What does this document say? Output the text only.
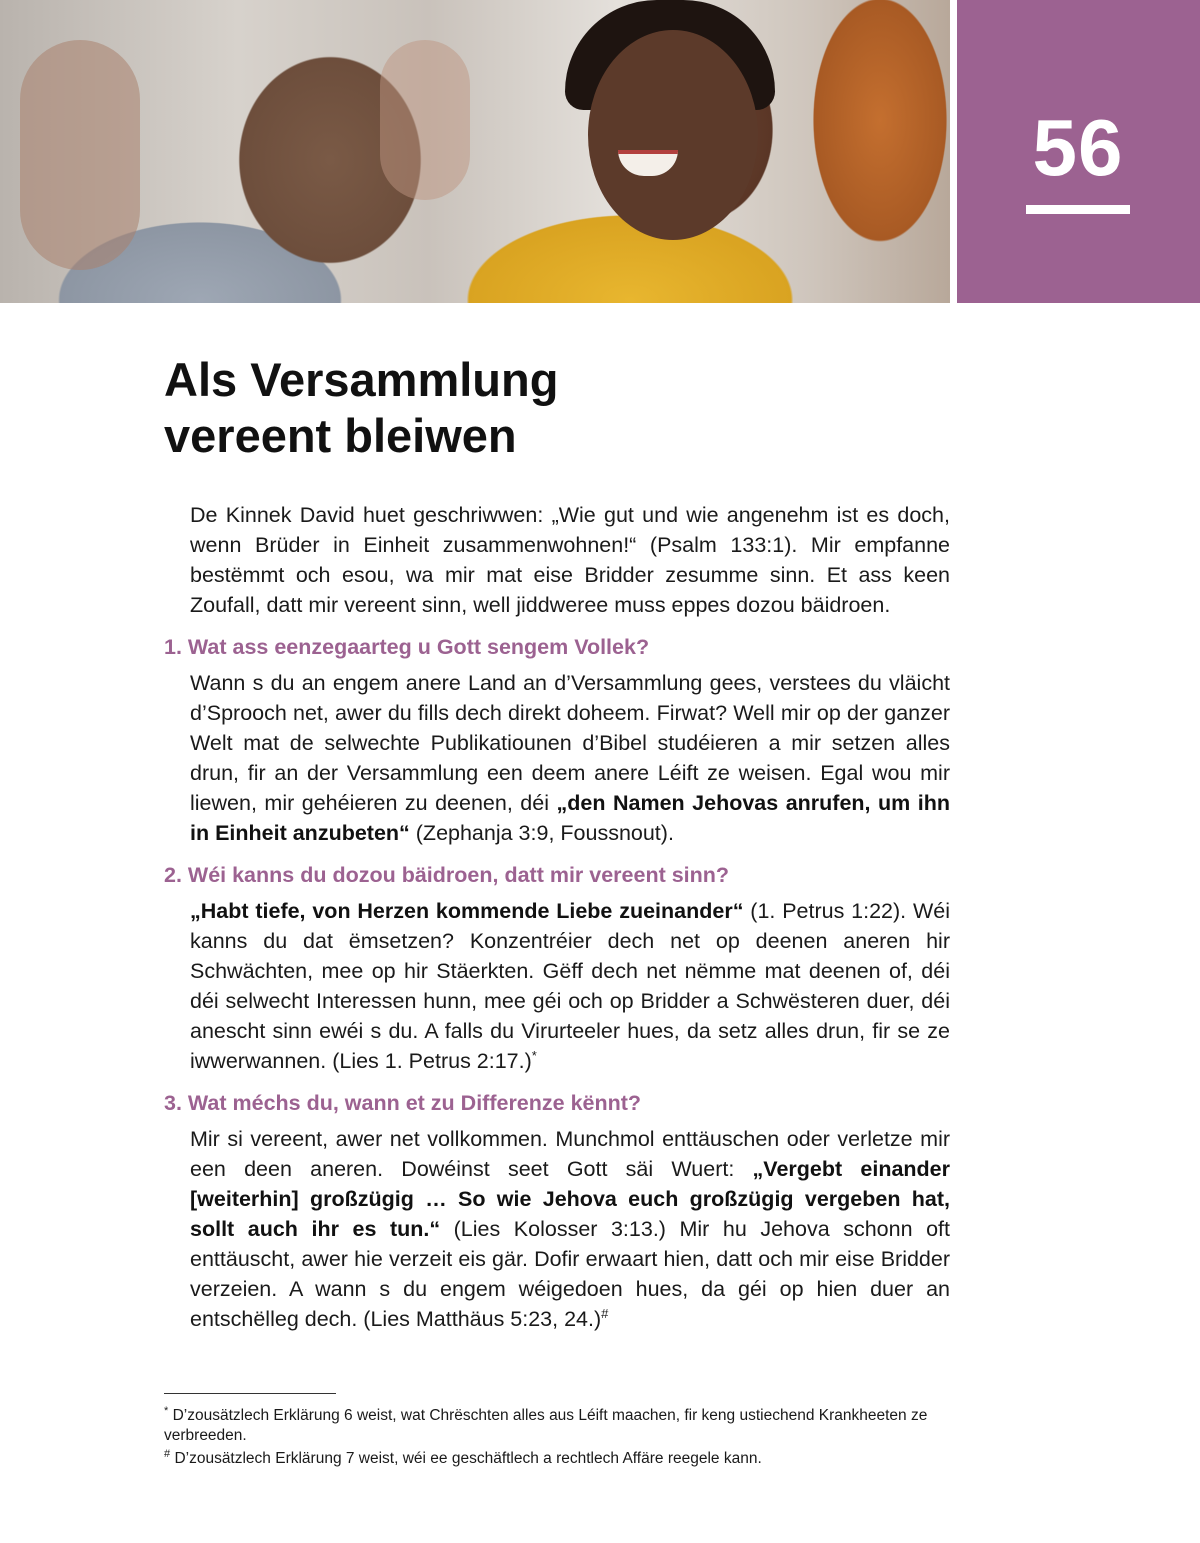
56
Als Versammlung
vereent bleiwen

De Kinnek David huet geschriwwen: „Wie gut und wie angenehm ist es doch, wenn Brüder in Einheit zusammenwohnen!“ (Psalm 133:1). Mir empfanne bestëmmt och esou, wa mir mat eise Bridder zesumme sinn. Et ass keen Zoufall, datt mir vereent sinn, well jiddweree muss eppes dozou bäidroen.

1. Wat ass eenzegaarteg u Gott sengem Vollek?

Wann s du an engem anere Land an d’Versammlung gees, verstees du vläicht d’Sprooch net, awer du fills dech direkt doheem. Firwat? Well mir op der ganzer Welt mat de selwechte Publikatiounen d’Bibel studéieren a mir setzen alles drun, fir an der Versammlung een deem anere Léift ze weisen. Egal wou mir liewen, mir gehéieren zu deenen, déi „den Namen Jehovas anrufen, um ihn in Einheit anzubeten“ (Zephanja 3:9, Foussnout).

2. Wéi kanns du dozou bäidroen, datt mir vereent sinn?

„Habt tiefe, von Herzen kommende Liebe zueinander“ (1. Petrus 1:22). Wéi kanns du dat ëmsetzen? Konzentréier dech net op deenen aneren hir Schwächten, mee op hir Stäerkten. Gëff dech net nëmme mat deenen of, déi déi selwecht Interessen hunn, mee géi och op Bridder a Schwësteren duer, déi anescht sinn ewéi s du. A falls du Virurteeler hues, da setz alles drun, fir se ze iwwerwannen. (Lies 1. Petrus 2:17.)*

3. Wat méchs du, wann et zu Differenze kënnt?

Mir si vereent, awer net vollkommen. Munchmol enttäuschen oder verletze mir een deen aneren. Dowéinst seet Gott säi Wuert: „Vergebt einander [weiterhin] großzügig … So wie Jehova euch großzügig vergeben hat, sollt auch ihr es tun.“ (Lies Kolosser 3:13.) Mir hu Jehova schonn oft enttäuscht, awer hie verzeit eis gär. Dofir erwaart hien, datt och mir eise Bridder verzeien. A wann s du engem wéigedoen hues, da géi op hien duer an entschëlleg dech. (Lies Matthäus 5:23, 24.)#

* D’zousätzlech Erklärung 6 weist, wat Chrëschten alles aus Léift maachen, fir keng ustiechend Krankheeten ze verbreeden.

# D’zousätzlech Erklärung 7 weist, wéi ee geschäftlech a rechtlech Affäre reegele kann.
